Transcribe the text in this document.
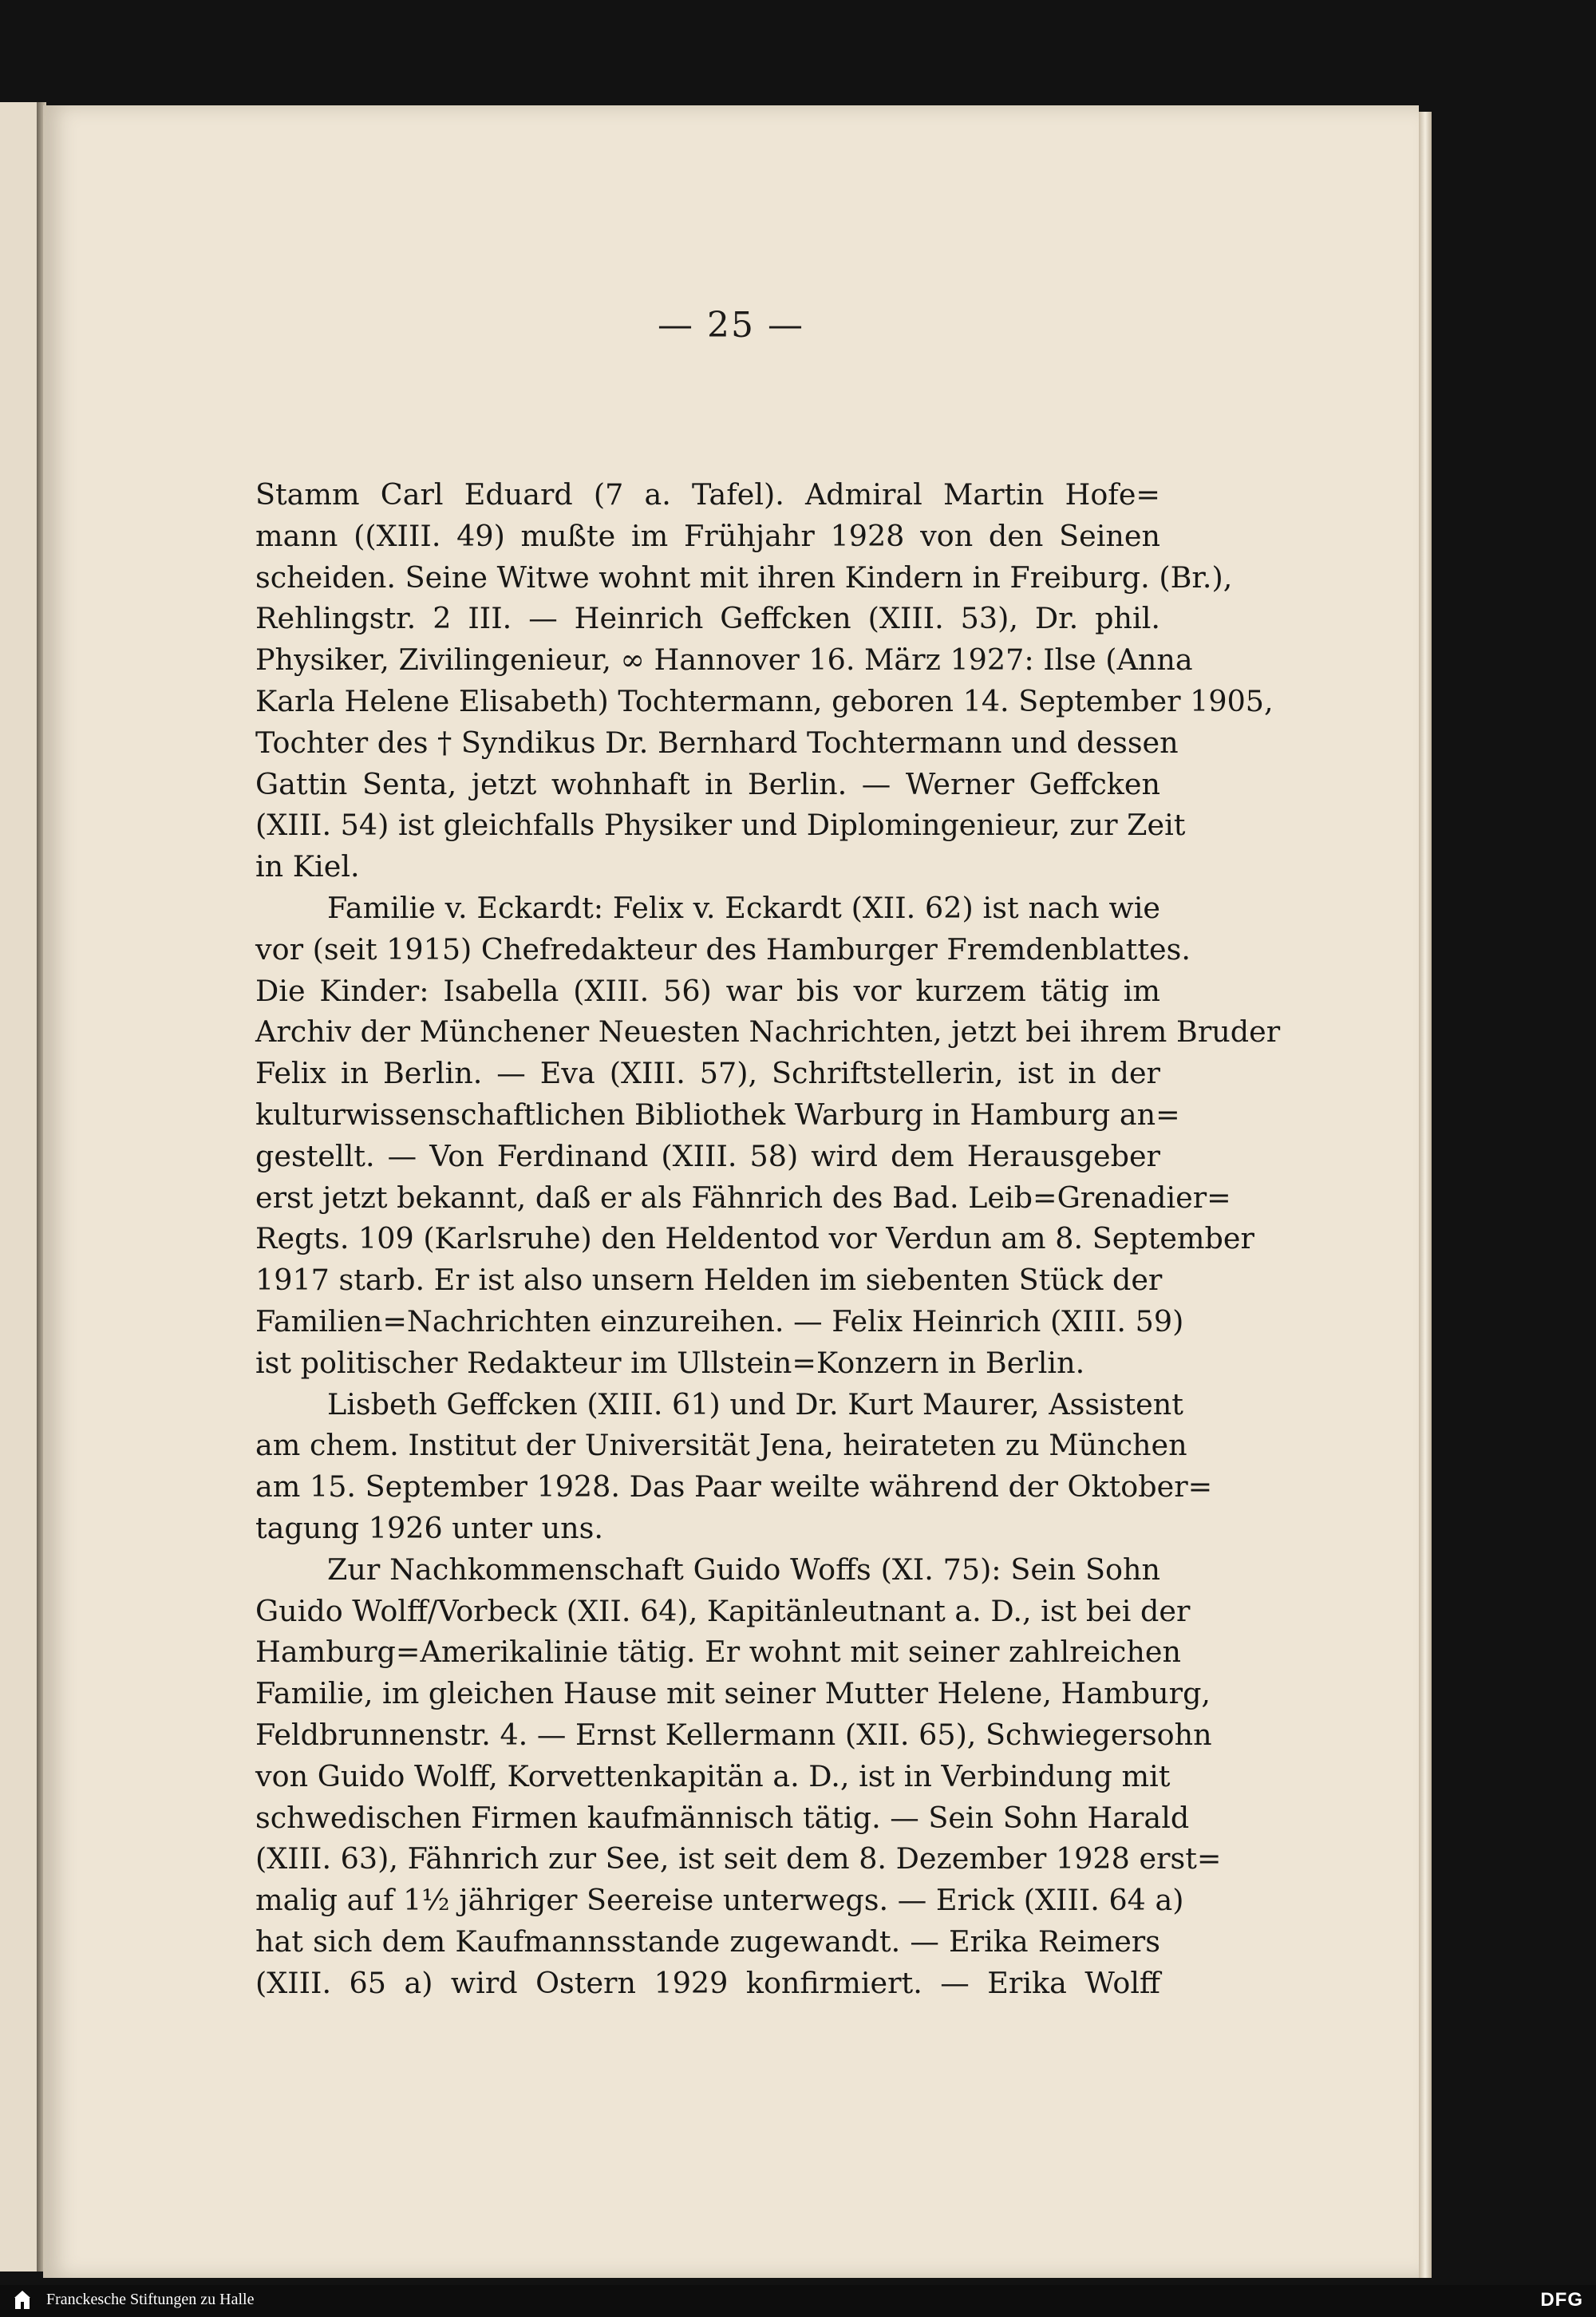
— 25 —

Stamm Carl Eduard (7 a. Tafel). Admiral Martin Hofe=
mann ((XIII. 49) mußte im Frühjahr 1928 von den Seinen
scheiden. Seine Witwe wohnt mit ihren Kindern in Freiburg. (Br.),
Rehlingstr. 2 III. — Heinrich Geffcken (XIII. 53), Dr. phil.
Physiker, Zivilingenieur, ∞ Hannover 16. März 1927: Ilse (Anna
Karla Helene Elisabeth) Tochtermann, geboren 14. September 1905,
Tochter des † Syndikus Dr. Bernhard Tochtermann und dessen
Gattin Senta, jetzt wohnhaft in Berlin. — Werner Geffcken
(XIII. 54) ist gleichfalls Physiker und Diplomingenieur, zur Zeit
in Kiel.

Familie v. Eckardt: Felix v. Eckardt (XII. 62) ist nach wie
vor (seit 1915) Chefredakteur des Hamburger Fremdenblattes.
Die Kinder: Isabella (XIII. 56) war bis vor kurzem tätig im
Archiv der Münchener Neuesten Nachrichten, jetzt bei ihrem Bruder
Felix in Berlin. — Eva (XIII. 57), Schriftstellerin, ist in der
kulturwissenschaftlichen Bibliothek Warburg in Hamburg an=
gestellt. — Von Ferdinand (XIII. 58) wird dem Herausgeber
erst jetzt bekannt, daß er als Fähnrich des Bad. Leib=Grenadier=
Regts. 109 (Karlsruhe) den Heldentod vor Verdun am 8. September
1917 starb. Er ist also unsern Helden im siebenten Stück der
Familien=Nachrichten einzureihen. — Felix Heinrich (XIII. 59)
ist politischer Redakteur im Ullstein=Konzern in Berlin.

Lisbeth Geffcken (XIII. 61) und Dr. Kurt Maurer, Assistent
am chem. Institut der Universität Jena, heirateten zu München
am 15. September 1928. Das Paar weilte während der Oktober=
tagung 1926 unter uns.

Zur Nachkommenschaft Guido Woffs (XI. 75): Sein Sohn
Guido Wolff/Vorbeck (XII. 64), Kapitänleutnant a. D., ist bei der
Hamburg=Amerikalinie tätig. Er wohnt mit seiner zahlreichen
Familie, im gleichen Hause mit seiner Mutter Helene, Hamburg,
Feldbrunnenstr. 4. — Ernst Kellermann (XII. 65), Schwiegersohn
von Guido Wolff, Korvettenkapitän a. D., ist in Verbindung mit
schwedischen Firmen kaufmännisch tätig. — Sein Sohn Harald
(XIII. 63), Fähnrich zur See, ist seit dem 8. Dezember 1928 erst=
malig auf 1½ jähriger Seereise unterwegs. — Erick (XIII. 64 a)
hat sich dem Kaufmannsstande zugewandt. — Erika Reimers
(XIII. 65 a) wird Ostern 1929 konfirmiert. — Erika Wolff

Franckesche Stiftungen zu Halle	DFG
